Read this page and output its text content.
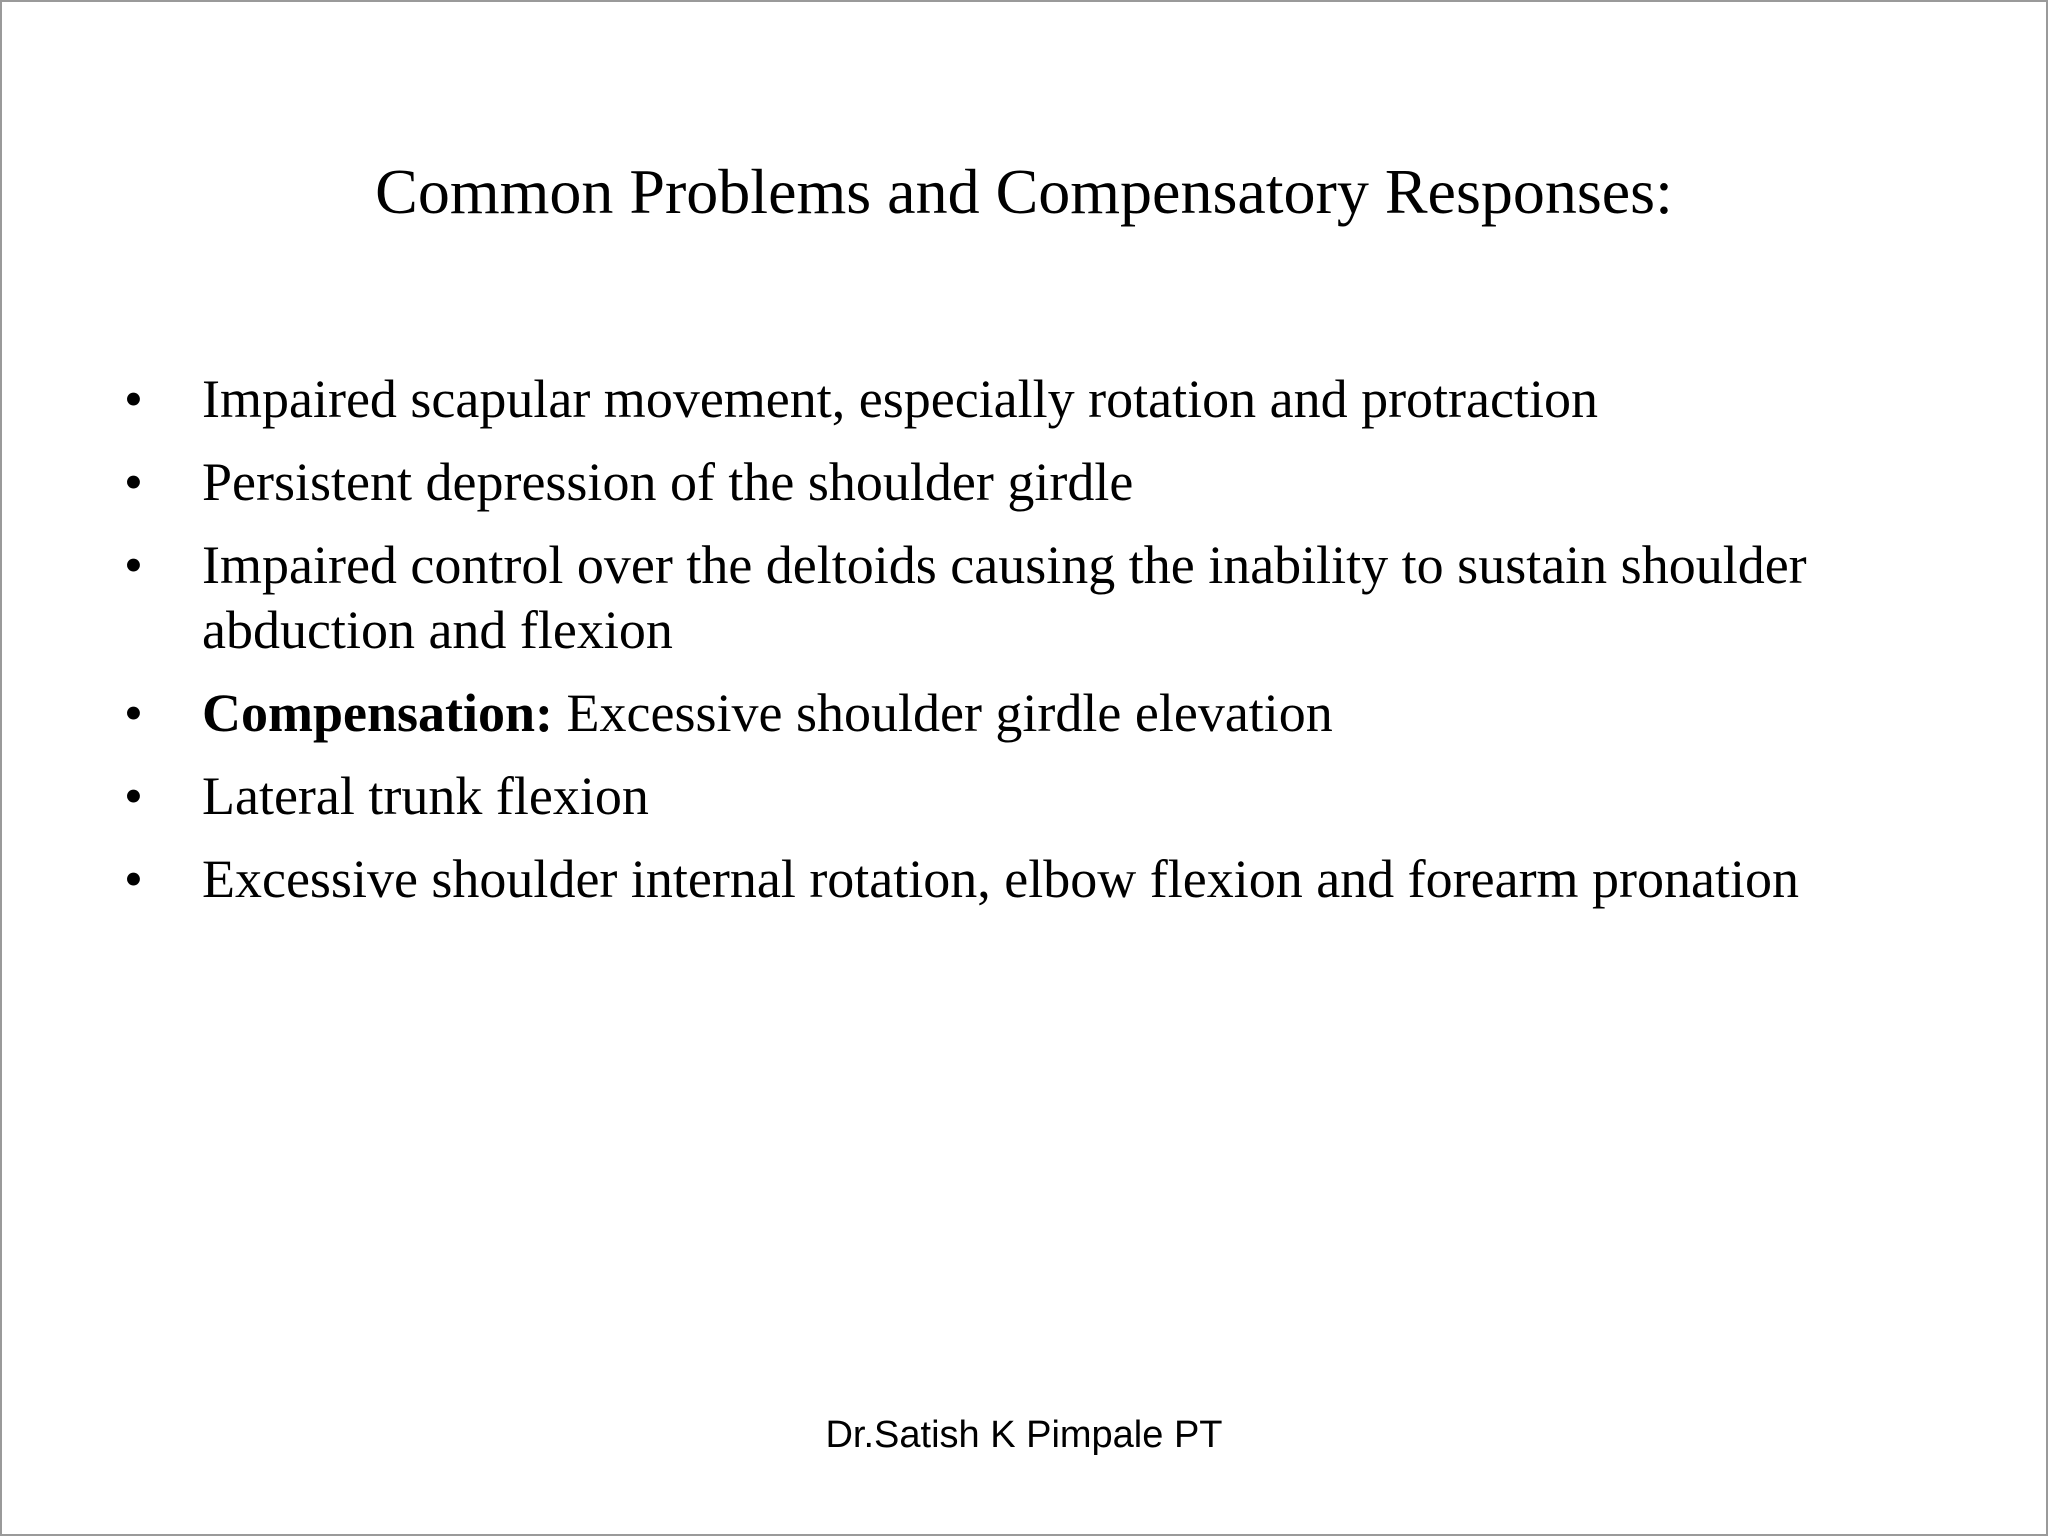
Common Problems and Compensatory Responses:
• Impaired scapular movement, especially rotation and protraction
• Persistent depression of the shoulder girdle
• Impaired control over the deltoids causing the inability to sustain shoulder abduction and flexion
• Compensation: Excessive shoulder girdle elevation
• Lateral trunk flexion
• Excessive shoulder internal rotation, elbow flexion and forearm pronation
Dr.Satish K Pimpale PT
